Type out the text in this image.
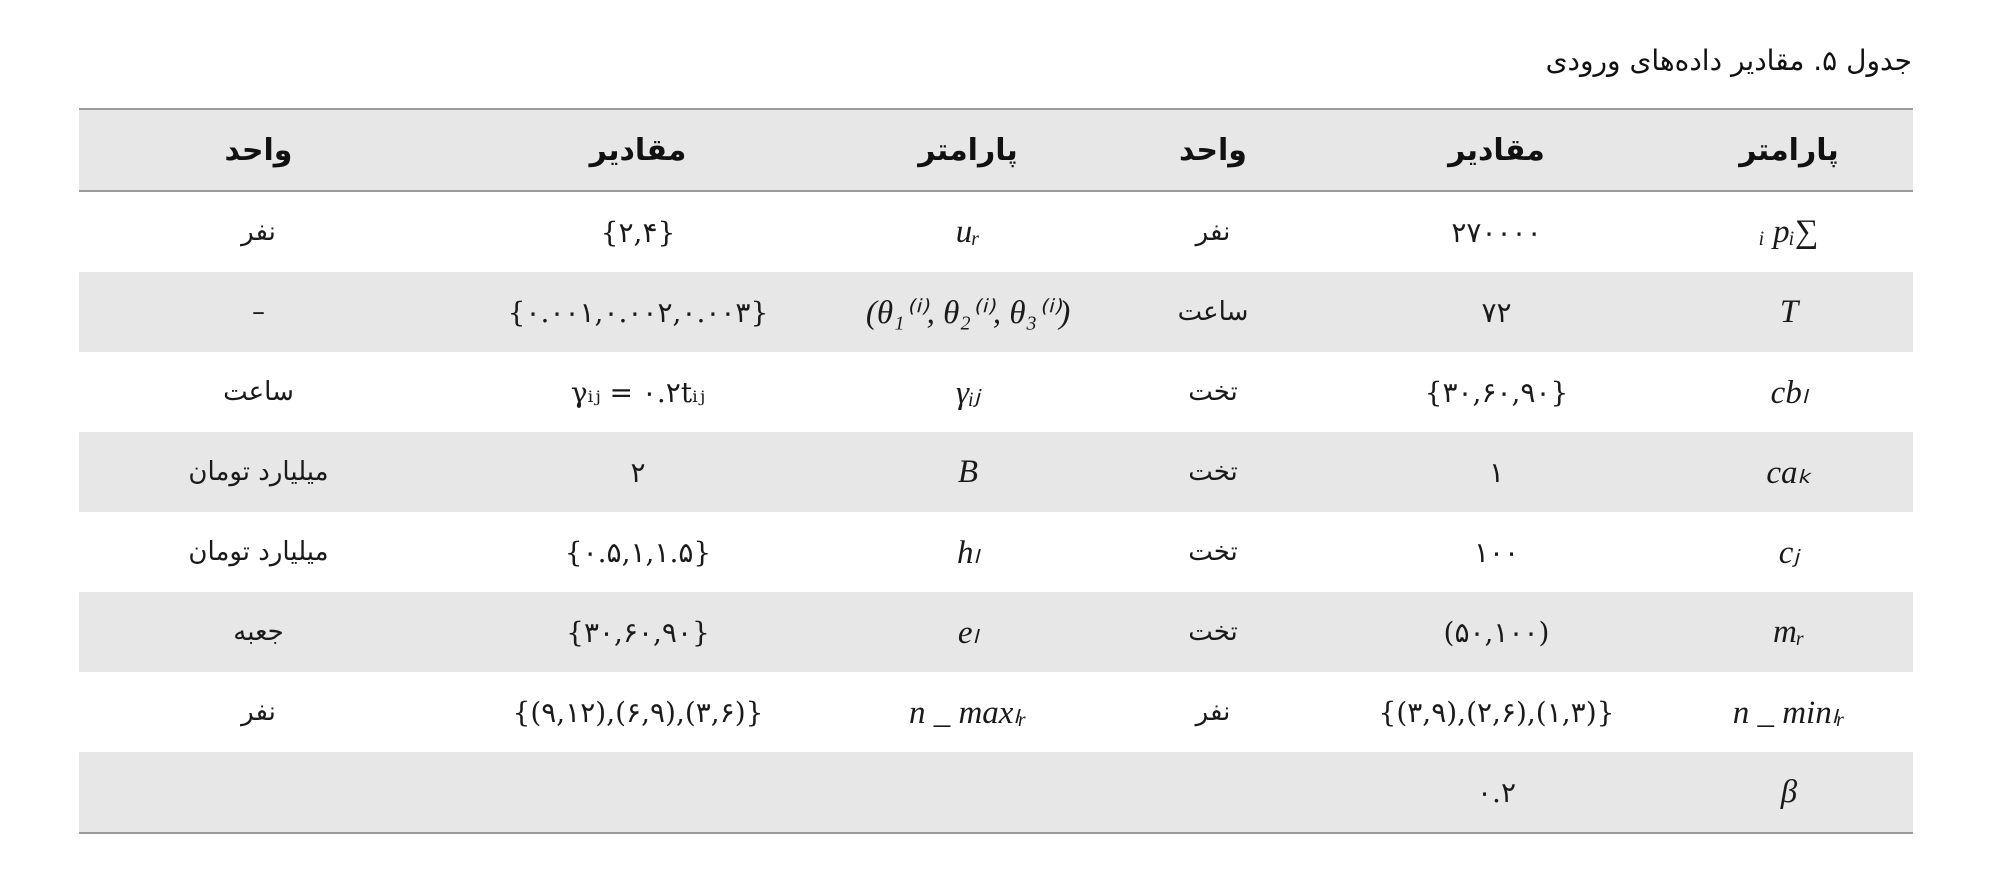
جدول ۵. مقادیر داده‌های ورودی
پارامتر	مقادیر	واحد	پارامتر	مقادیر	واحد
∑ᵢ pᵢ	۲۷۰۰۰۰	نفر	uᵣ	{۲,۴}	نفر
T	۷۲	ساعت	(θ₁⁽ⁱ⁾, θ₂⁽ⁱ⁾, θ₃⁽ⁱ⁾)	{۰.۰۰۱,۰.۰۰۲,۰.۰۰۳}	–
cbₗ	{۳۰,۶۰,۹۰}	تخت	γᵢⱼ	γᵢⱼ = ۰.۲tᵢⱼ	ساعت
caₖ	۱	تخت	B	۲	میلیارد تومان
cⱼ	۱۰۰	تخت	hₗ	{۰.۵,۱,۱.۵}	میلیارد تومان
mᵣ	(۵۰,۱۰۰)	تخت	eₗ	{۳۰,۶۰,۹۰}	جعبه
n _ minₗᵣ	{(۱,۳),(۲,۶),(۳,۹)}	نفر	n _ maxₗᵣ	{(۳,۶),(۶,۹),(۹,۱۲)}	نفر
β	۰.۲				
